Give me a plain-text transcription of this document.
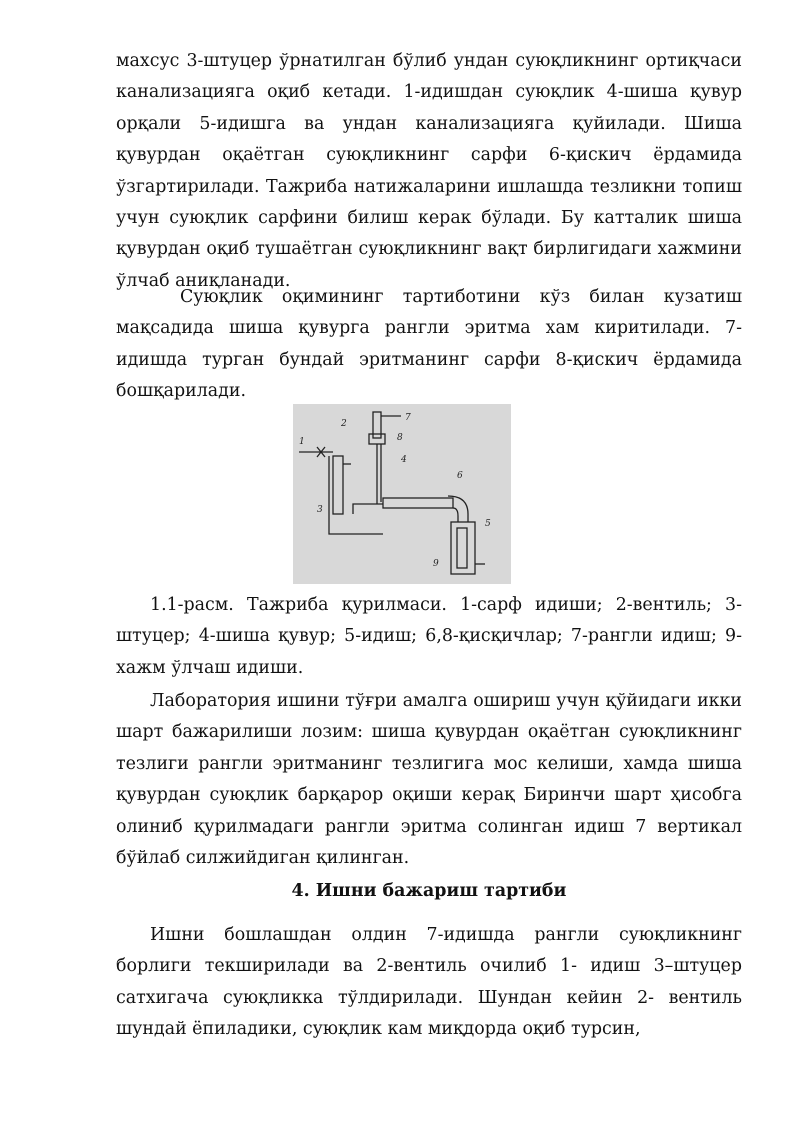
махсус 3-штуцер ўрнатилган бўлиб ундан суюқликнинг ортиқчаси канализацияга оқиб кетади. 1-идишдан суюқлик 4-шиша қувур орқали 5-идишга ва ундан канализацияга қуйилади. Шиша қувурдан оқаётган суюқликнинг сарфи 6-қискич ёрдамида ўзгартирилади. Тажриба натижаларини ишлашда тезликни топиш учун суюқлик сарфини билиш керак бўлади. Бу катталик шиша қувурдан оқиб тушаётган суюқликнинг вақт бирлигидаги хажмини ўлчаб аниқланади.

Суюқлик оқимининг тартиботини кўз билан кузатиш мақсадида шиша қувурга рангли эритма хам киритилади. 7-идишда турган бундай эритманинг сарфи 8-қискич ёрдамида бошқарилади.

1
2
3
4
5
6
7
8
9

1.1-расм. Тажриба қурилмаси. 1-сарф идиши; 2-вентиль; 3-штуцер; 4-шиша қувур; 5-идиш; 6,8-қисқичлар; 7-рангли идиш; 9-хажм ўлчаш идиши.

Лаборатория ишини тўғри амалга ошириш учун қўйидаги икки шарт бажарилиши лозим: шиша қувурдан оқаётган суюқликнинг тезлиги рангли эритманинг тезлигига мос келиши, хамда шиша қувурдан суюқлик барқарор оқиши керақ Биринчи шарт ҳисобга олиниб қурилмадаги рангли эритма солинган идиш 7 вертикал бўйлаб силжийдиган қилинган.

4. Ишни бажариш тартиби

Ишни бошлашдан олдин 7-идишда рангли суюқликнинг борлиги текширилади ва 2-вентиль очилиб 1- идиш 3–штуцер сатхигача суюқликка тўлдирилади. Шундан кейин 2- вентиль шундай ёпиладики, суюқлик кам миқдорда оқиб турсин,
